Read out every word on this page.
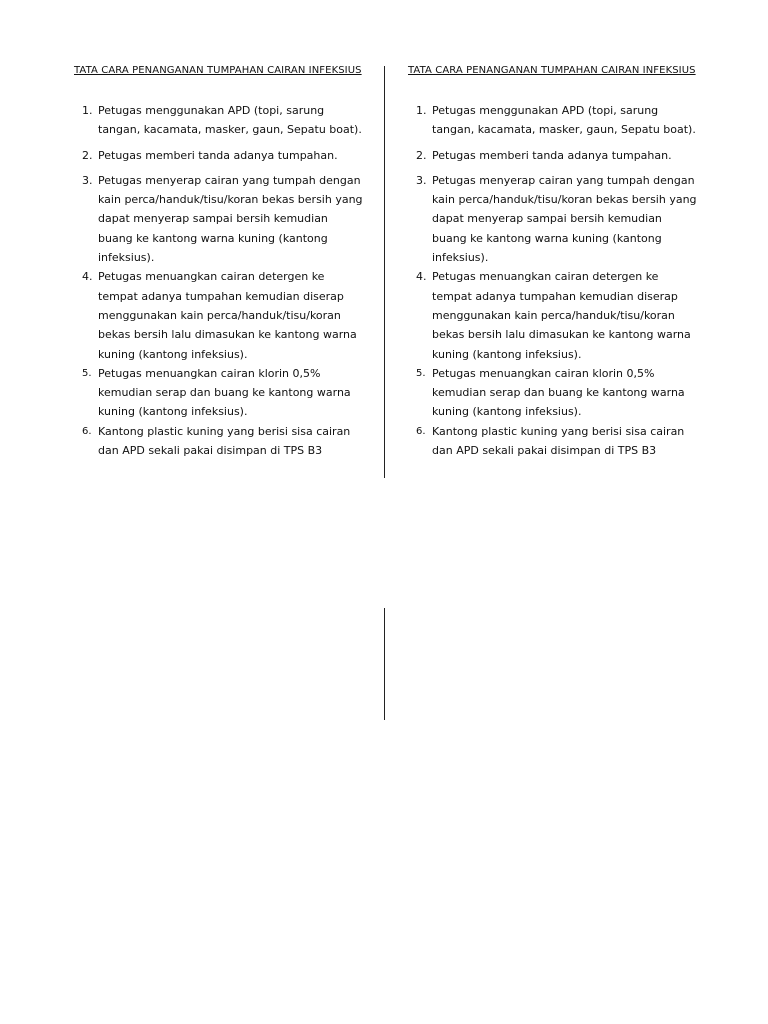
TATA CARA PENANGANAN TUMPAHAN CAIRAN INFEKSIUS

1. Petugas menggunakan APD (topi, sarung tangan, kacamata, masker, gaun, Sepatu boat).
2. Petugas memberi tanda adanya tumpahan.
3. Petugas menyerap cairan yang tumpah dengan kain perca/handuk/tisu/koran bekas bersih yang dapat menyerap sampai bersih kemudian buang ke kantong warna kuning (kantong infeksius).
4. Petugas menuangkan cairan detergen ke tempat adanya tumpahan kemudian diserap menggunakan kain perca/handuk/tisu/koran bekas bersih lalu dimasukan ke kantong warna kuning (kantong infeksius).
5. Petugas menuangkan cairan klorin 0,5% kemudian serap dan buang ke kantong warna kuning (kantong infeksius).
6. Kantong plastic kuning yang berisi sisa cairan dan APD sekali pakai disimpan di TPS B3

TATA CARA PENANGANAN TUMPAHAN CAIRAN INFEKSIUS

1. Petugas menggunakan APD (topi, sarung tangan, kacamata, masker, gaun, Sepatu boat).
2. Petugas memberi tanda adanya tumpahan.
3. Petugas menyerap cairan yang tumpah dengan kain perca/handuk/tisu/koran bekas bersih yang dapat menyerap sampai bersih kemudian buang ke kantong warna kuning (kantong infeksius).
4. Petugas menuangkan cairan detergen ke tempat adanya tumpahan kemudian diserap menggunakan kain perca/handuk/tisu/koran bekas bersih lalu dimasukan ke kantong warna kuning (kantong infeksius).
5. Petugas menuangkan cairan klorin 0,5% kemudian serap dan buang ke kantong warna kuning (kantong infeksius).
6. Kantong plastic kuning yang berisi sisa cairan dan APD sekali pakai disimpan di TPS B3
